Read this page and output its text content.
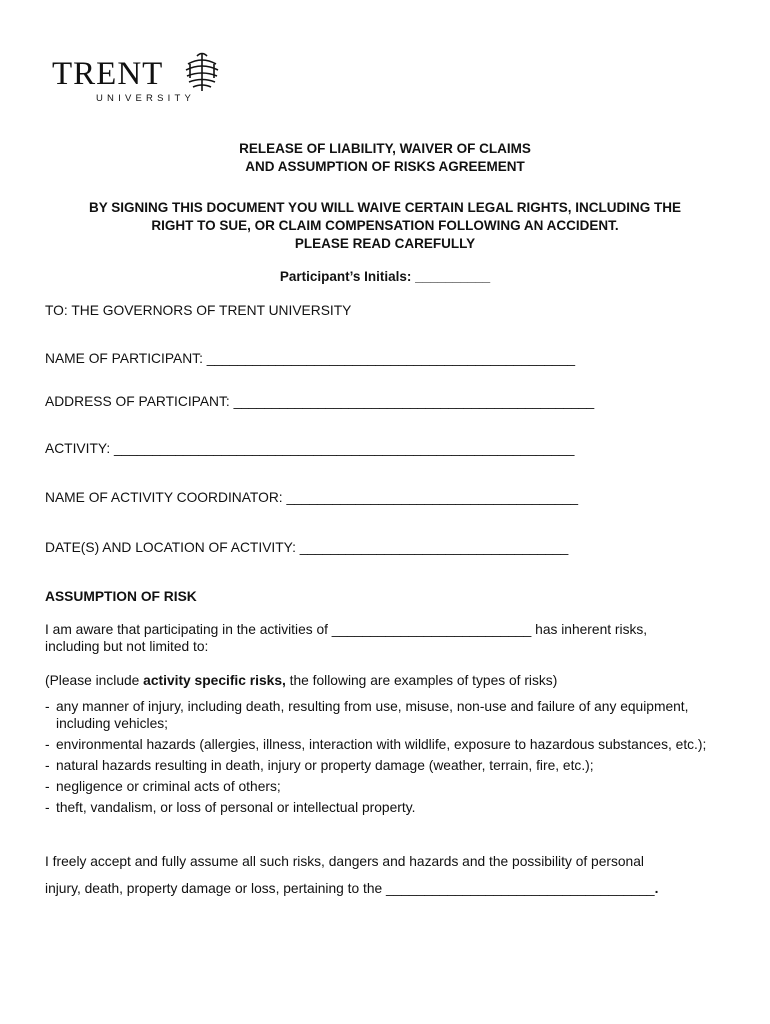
TRENT
UNIVERSITY
RELEASE OF LIABILITY, WAIVER OF CLAIMS
AND ASSUMPTION OF RISKS AGREEMENT
BY SIGNING THIS DOCUMENT YOU WILL WAIVE CERTAIN LEGAL RIGHTS, INCLUDING THE
RIGHT TO SUE, OR CLAIM COMPENSATION FOLLOWING AN ACCIDENT.
PLEASE READ CAREFULLY
Participant’s Initials: __________
TO: THE GOVERNORS OF TRENT UNIVERSITY
NAME OF PARTICIPANT: ________________________________________________
ADDRESS OF PARTICIPANT: _______________________________________________
ACTIVITY: ____________________________________________________________
NAME OF ACTIVITY COORDINATOR: ______________________________________
DATE(S) AND LOCATION OF ACTIVITY: ___________________________________
ASSUMPTION OF RISK
I am aware that participating in the activities of __________________________ has inherent risks,
including but not limited to:
(Please include activity specific risks, the following are examples of types of risks)
- any manner of injury, including death, resulting from use, misuse, non-use and failure of any equipment, including vehicles;
- environmental hazards (allergies, illness, interaction with wildlife, exposure to hazardous substances, etc.);
- natural hazards resulting in death, injury or property damage (weather, terrain, fire, etc.);
- negligence or criminal acts of others;
- theft, vandalism, or loss of personal or intellectual property.
I freely accept and fully assume all such risks, dangers and hazards and the possibility of personal
injury, death, property damage or loss, pertaining to the ___________________________________.
